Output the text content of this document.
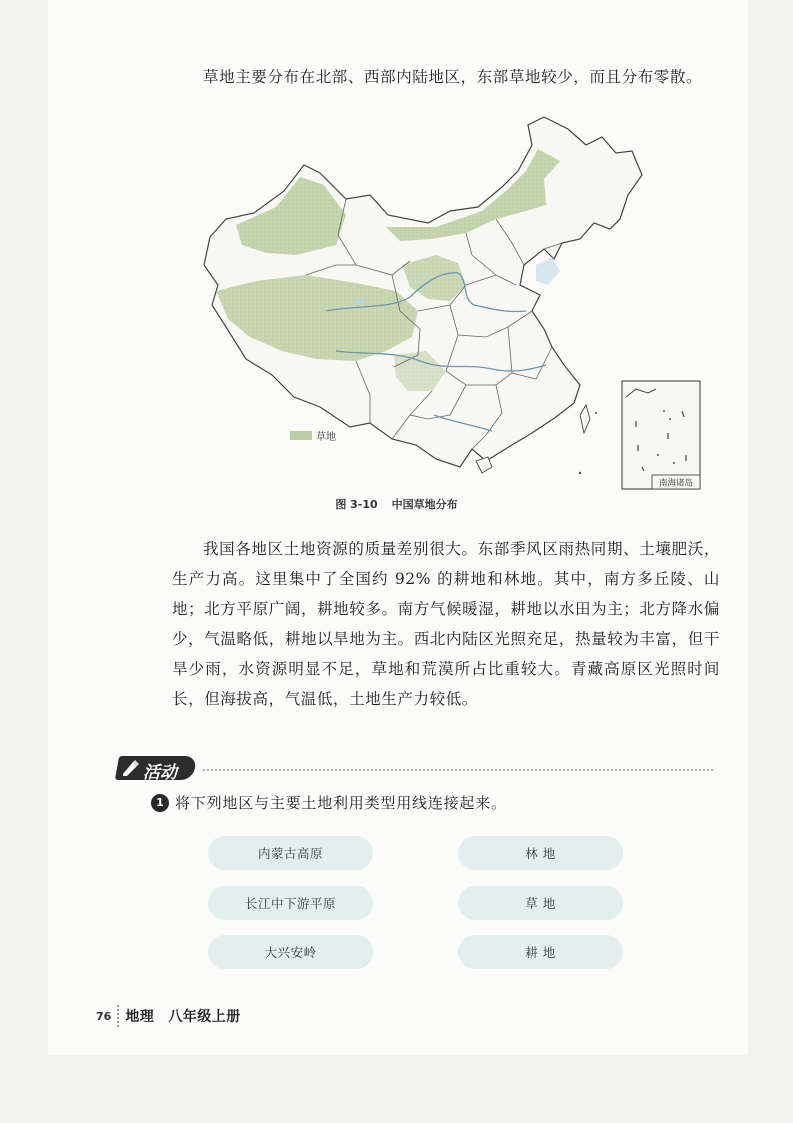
草地主要分布在北部、西部内陆地区，东部草地较少，而且分布零散。

南海诸岛
草地
图 3-10 中国草地分布

我国各地区土地资源的质量差别很大。东部季风区雨热同期、土壤肥沃，生产力高。这里集中了全国约 92% 的耕地和林地。其中，南方多丘陵、山地；北方平原广阔，耕地较多。南方气候暖湿，耕地以水田为主；北方降水偏少，气温略低，耕地以旱地为主。西北内陆区光照充足，热量较为丰富，但干旱少雨，水资源明显不足，草地和荒漠所占比重较大。青藏高原区光照时间长，但海拔高，气温低，土地生产力较低。

活动
1 将下列地区与主要土地利用类型用线连接起来。
内蒙古高原	林 地
长江中下游平原	草 地
大兴安岭	耕 地
76 地理 八年级上册
